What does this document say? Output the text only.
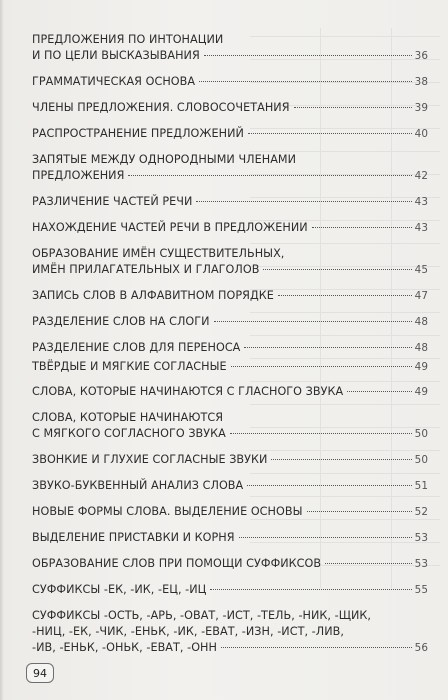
ПРЕДЛОЖЕНИЯ ПО ИНТОНАЦИИ
И ПО ЦЕЛИ ВЫСКАЗЫВАНИЯ	36
ГРАММАТИЧЕСКАЯ ОСНОВА	38
ЧЛЕНЫ ПРЕДЛОЖЕНИЯ. СЛОВОСОЧЕТАНИЯ	39
РАСПРОСТРАНЕНИЕ ПРЕДЛОЖЕНИЙ	40
ЗАПЯТЫЕ МЕЖДУ ОДНОРОДНЫМИ ЧЛЕНАМИ
ПРЕДЛОЖЕНИЯ	42
РАЗЛИЧЕНИЕ ЧАСТЕЙ РЕЧИ	43
НАХОЖДЕНИЕ ЧАСТЕЙ РЕЧИ В ПРЕДЛОЖЕНИИ	43
ОБРАЗОВАНИЕ ИМЁН СУЩЕСТВИТЕЛЬНЫХ,
ИМЁН ПРИЛАГАТЕЛЬНЫХ И ГЛАГОЛОВ	45
ЗАПИСЬ СЛОВ В АЛФАВИТНОМ ПОРЯДКЕ	47
РАЗДЕЛЕНИЕ СЛОВ НА СЛОГИ	48
РАЗДЕЛЕНИЕ СЛОВ ДЛЯ ПЕРЕНОСА	48
ТВЁРДЫЕ И МЯГКИЕ СОГЛАСНЫЕ	49
СЛОВА, КОТОРЫЕ НАЧИНАЮТСЯ С ГЛАСНОГО ЗВУКА	49
СЛОВА, КОТОРЫЕ НАЧИНАЮТСЯ
С МЯГКОГО СОГЛАСНОГО ЗВУКА	50
ЗВОНКИЕ И ГЛУХИЕ СОГЛАСНЫЕ ЗВУКИ	50
ЗВУКО-БУКВЕННЫЙ АНАЛИЗ СЛОВА	51
НОВЫЕ ФОРМЫ СЛОВА. ВЫДЕЛЕНИЕ ОСНОВЫ	52
ВЫДЕЛЕНИЕ ПРИСТАВКИ И КОРНЯ	53
ОБРАЗОВАНИЕ СЛОВ ПРИ ПОМОЩИ СУФФИКСОВ	53
СУФФИКСЫ -ЕК, -ИК, -ЕЦ, -ИЦ	55
СУФФИКСЫ -ОСТЬ, -АРЬ, -ОВАТ, -ИСТ, -ТЕЛЬ, -НИК, -ЩИК,
-НИЦ, -ЕК, -ЧИК, -ЕНЬК, -ИК, -ЕВАТ, -ИЗН, -ИСТ, -ЛИВ,
-ИВ, -ЕНЬК, -ОНЬК, -ЕВАТ, -ОНН	56
94
